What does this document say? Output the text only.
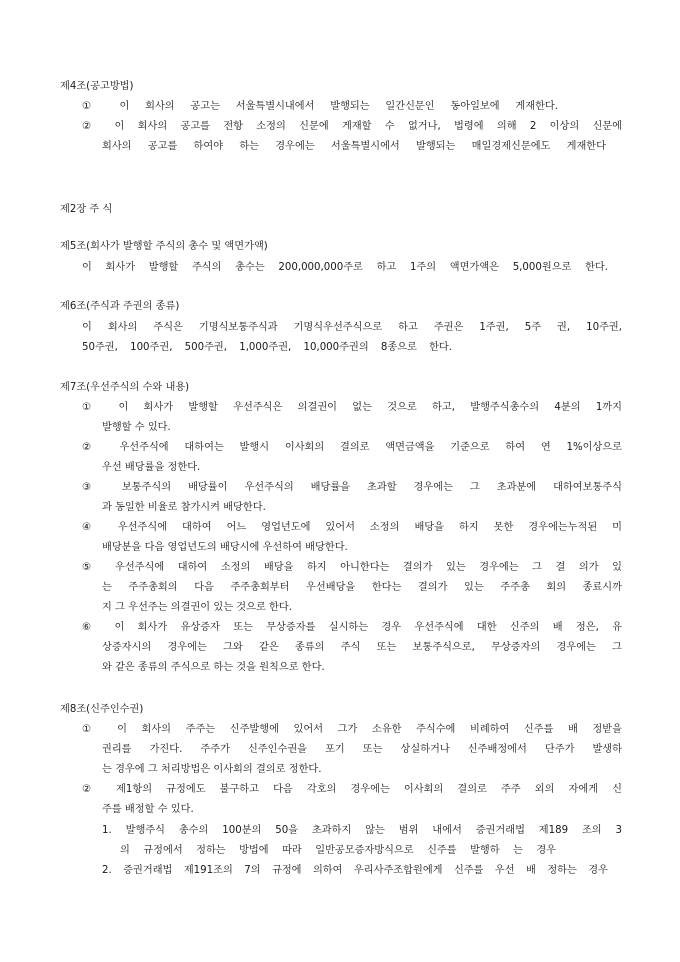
제4조(공고방법)
① 이 회사의 공고는 서울특별시내에서 발행되는 일간신문인 동아일보에 게재한다.
② 이 회사의 공고를 전항 소정의 신문에 게재할 수 없거나, 법령에 의해 2 이상의 신문에
회사의 공고를 하여야 하는 경우에는 서울특별시에서 발행되는 매일경제신문에도 게재한다
제2장 주 식
제5조(회사가 발행할 주식의 총수 및 액면가액)
이 회사가 발행할 주식의 총수는 200,000,000주로 하고 1주의 액면가액은 5,000원으로 한다.
제6조(주식과 주권의 종류)
이 회사의 주식은 기명식보통주식과 기명식우선주식으로 하고 주권은 1주권, 5주 권, 10주권,
50주권, 100주권, 500주권, 1,000주권, 10,000주권의 8종으로 한다.
제7조(우선주식의 수와 내용)
① 이 회사가 발행할 우선주식은 의결권이 없는 것으로 하고, 발행주식총수의 4분의 1까지
발행할 수 있다.
② 우선주식에 대하여는 발행시 이사회의 결의로 액면금액을 기준으로 하여 연 1%이상으로
우선 배당률을 정한다.
③ 보통주식의 배당률이 우선주식의 배당률을 초과할 경우에는 그 초과분에 대하여보통주식
과 동일한 비율로 참가시켜 배당한다.
④ 우선주식에 대하여 어느 영업년도에 있어서 소정의 배당을 하지 못한 경우에는누적된 미
배당분을 다음 영업년도의 배당시에 우선하여 배당한다.
⑤ 우선주식에 대하여 소정의 배당을 하지 아니한다는 결의가 있는 경우에는 그 결 의가 있
는 주주총회의 다음 주주총회부터 우선배당을 한다는 결의가 있는 주주총 회의 종료시까
지 그 우선주는 의결권이 있는 것으로 한다.
⑥ 이 회사가 유상증자 또는 무상증자를 실시하는 경우 우선주식에 대한 신주의 배 정은, 유
상증자시의 경우에는 그와 같은 종류의 주식 또는 보통주식으로, 무상증자의 경우에는 그
와 같은 종류의 주식으로 하는 것을 원칙으로 한다.
제8조(신주인수권)
① 이 회사의 주주는 신주발행에 있어서 그가 소유한 주식수에 비례하여 신주를 배 정받을
권리를 가진다. 주주가 신주인수권을 포기 또는 상실하거나 신주배정에서 단주가 발생하
는 경우에 그 처리방법은 이사회의 결의로 정한다.
② 제1항의 규정에도 불구하고 다음 각호의 경우에는 이사회의 결의로 주주 외의 자에게 신
주를 배정할 수 있다.
1. 발행주식 총수의 100분의 50을 초과하지 않는 범위 내에서 증권거래법 제189 조의 3
의 규정에서 정하는 방법에 따라 일반공모증자방식으로 신주를 발행하 는 경우
2. 증권거래법 제191조의 7의 규정에 의하여 우리사주조합원에게 신주를 우선 배 정하는 경우
